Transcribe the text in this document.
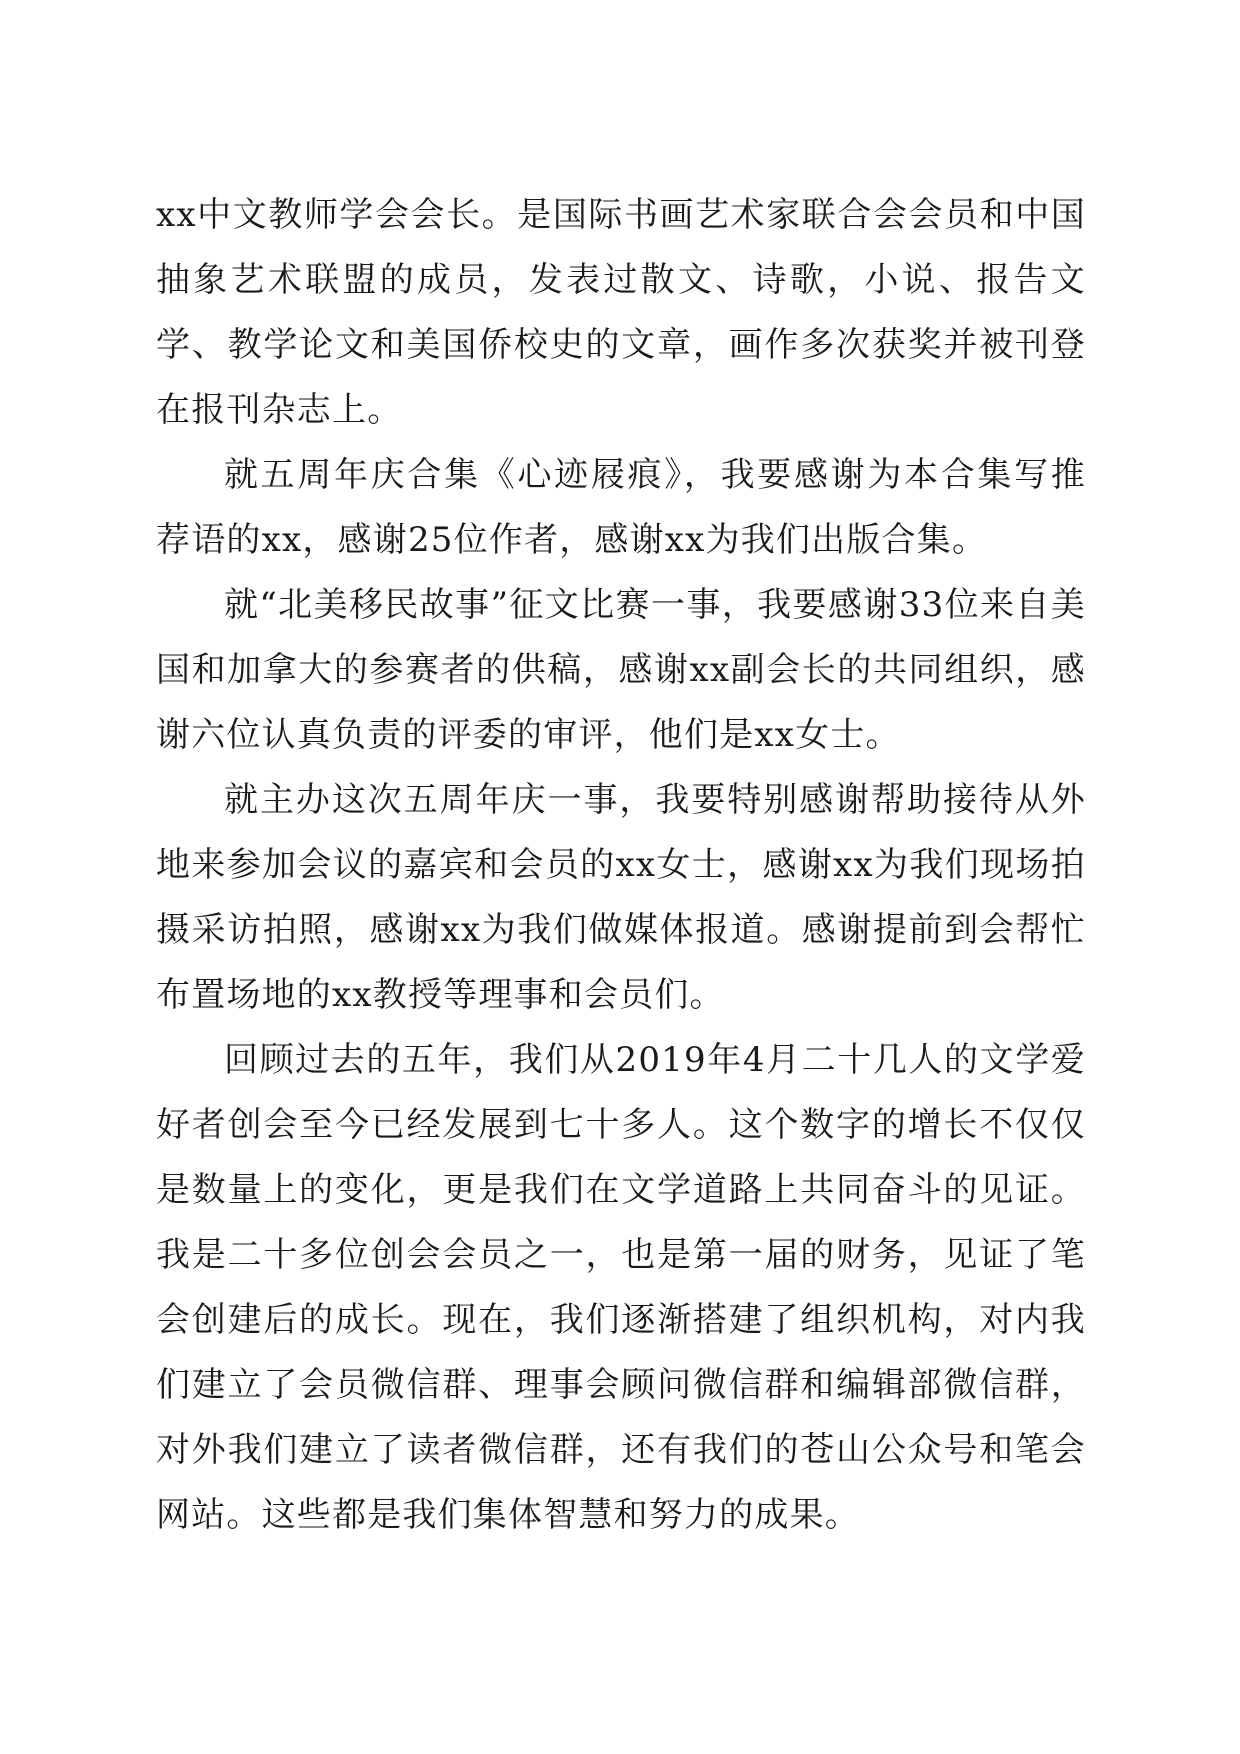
xx中文教师学会会长。是国际书画艺术家联合会会员和中国抽象艺术联盟的成员，发表过散文、诗歌，小说、报告文学、教学论文和美国侨校史的文章，画作多次获奖并被刊登在报刊杂志上。

就五周年庆合集《心迹屐痕》，我要感谢为本合集写推荐语的xx，感谢25位作者，感谢xx为我们出版合集。

就“北美移民故事”征文比赛一事，我要感谢33位来自美国和加拿大的参赛者的供稿，感谢xx副会长的共同组织，感谢六位认真负责的评委的审评，他们是xx女士。

就主办这次五周年庆一事，我要特别感谢帮助接待从外地来参加会议的嘉宾和会员的xx女士，感谢xx为我们现场拍摄采访拍照，感谢xx为我们做媒体报道。感谢提前到会帮忙布置场地的xx教授等理事和会员们。

回顾过去的五年，我们从2019年4月二十几人的文学爱好者创会至今已经发展到七十多人。这个数字的增长不仅仅是数量上的变化，更是我们在文学道路上共同奋斗的见证。我是二十多位创会会员之一，也是第一届的财务，见证了笔会创建后的成长。现在，我们逐渐搭建了组织机构，对内我们建立了会员微信群、理事会顾问微信群和编辑部微信群，对外我们建立了读者微信群，还有我们的苍山公众号和笔会网站。这些都是我们集体智慧和努力的成果。
